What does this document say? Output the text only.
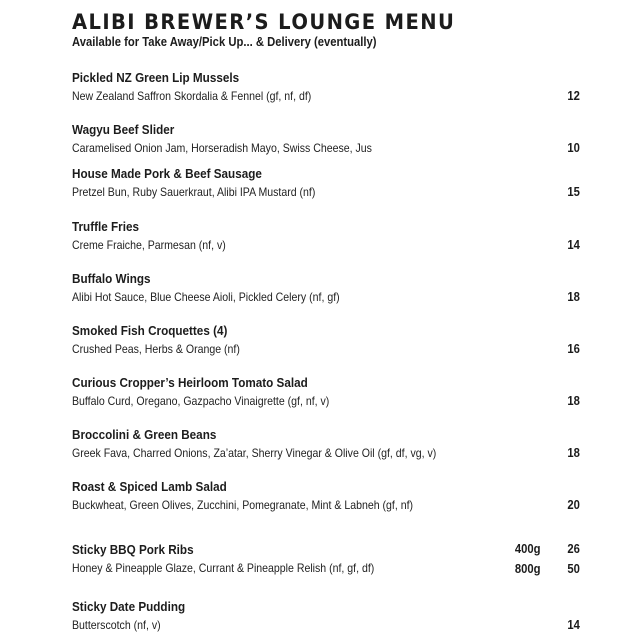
ALIBI BREWER’S LOUNGE MENU
Available for Take Away/Pick Up... & Delivery (eventually)
Pickled NZ Green Lip Mussels
New Zealand Saffron Skordalia & Fennel (gf, nf, df)	12
Wagyu Beef Slider
Caramelised Onion Jam, Horseradish Mayo, Swiss Cheese, Jus	10
House Made Pork & Beef Sausage
Pretzel Bun, Ruby Sauerkraut, Alibi IPA Mustard (nf)	15
Truffle Fries
Creme Fraiche, Parmesan (nf, v)	14
Buffalo Wings
Alibi Hot Sauce, Blue Cheese Aioli, Pickled Celery (nf, gf)	18
Smoked Fish Croquettes (4)
Crushed Peas, Herbs & Orange (nf)	16
Curious Cropper’s Heirloom Tomato Salad
Buffalo Curd, Oregano, Gazpacho Vinaigrette (gf, nf, v)	18
Broccolini & Green Beans
Greek Fava, Charred Onions, Za’atar, Sherry Vinegar & Olive Oil (gf, df, vg, v)	18
Roast & Spiced Lamb Salad
Buckwheat, Green Olives, Zucchini, Pomegranate, Mint & Labneh (gf, nf)	20
Sticky BBQ Pork Ribs
Honey & Pineapple Glaze, Currant & Pineapple Relish (nf, gf, df)
400g 26
800g 50
Sticky Date Pudding
Butterscotch (nf, v)	14
